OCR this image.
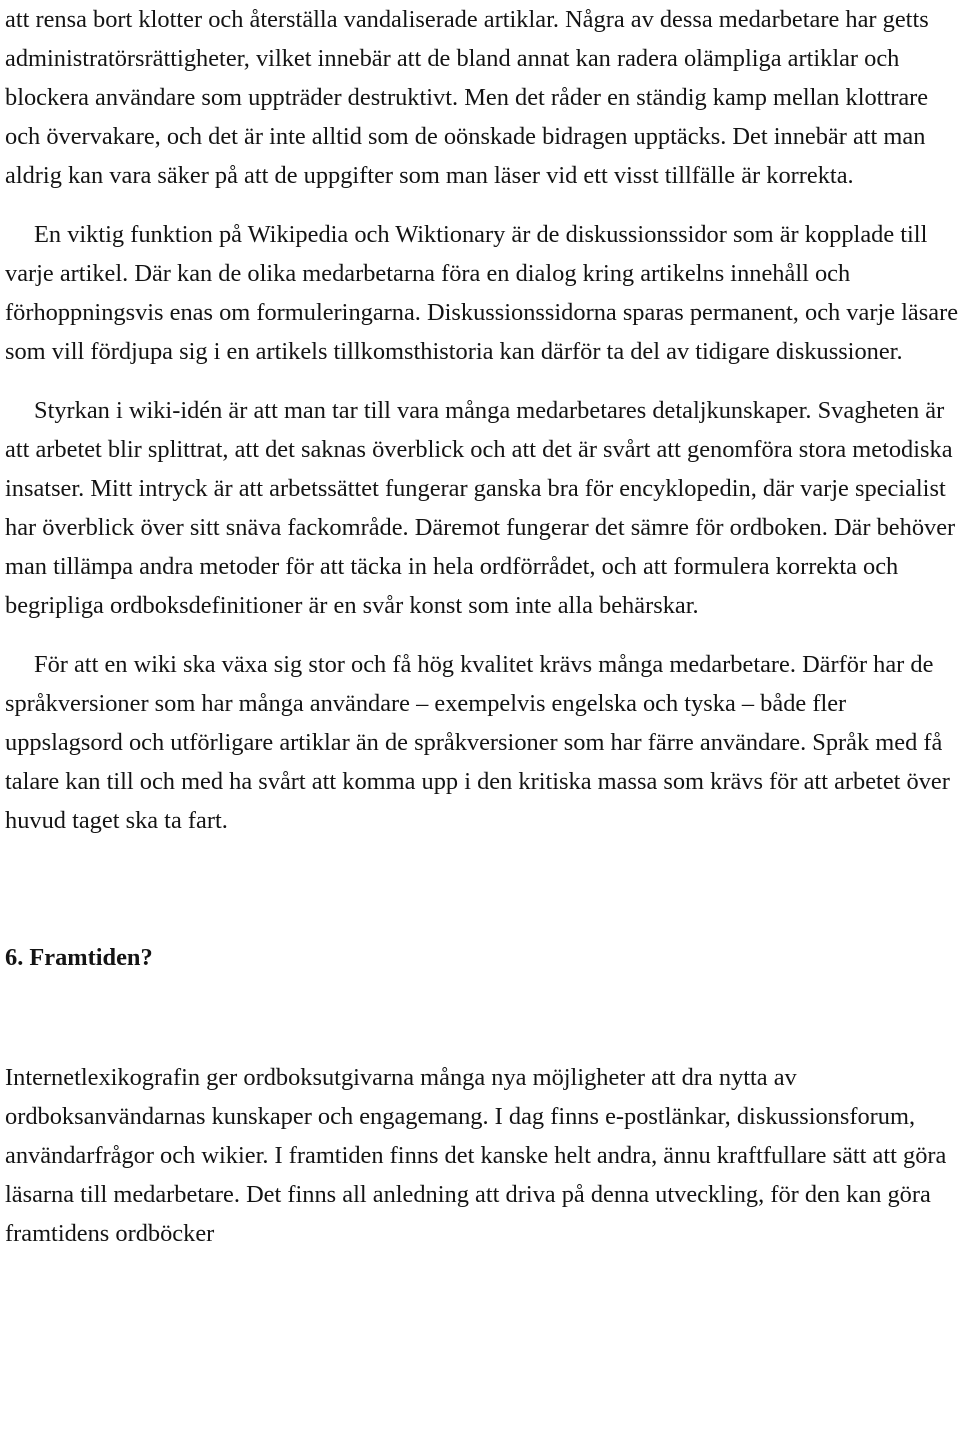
att rensa bort klotter och återställa vandaliserade artiklar. Några av dessa medarbetare har getts administratörsrättigheter, vilket innebär att de bland annat kan radera olämpliga artiklar och blockera användare som uppträder destruktivt. Men det råder en ständig kamp mellan klottrare och övervakare, och det är inte alltid som de oönskade bidragen upptäcks. Det innebär att man aldrig kan vara säker på att de uppgifter som man läser vid ett visst tillfälle är korrekta.

En viktig funktion på Wikipedia och Wiktionary är de diskussionssidor som är kopplade till varje artikel. Där kan de olika medarbetarna föra en dialog kring artikelns innehåll och förhoppningsvis enas om formuleringarna. Diskussionssidorna sparas permanent, och varje läsare som vill fördjupa sig i en artikels tillkomsthistoria kan därför ta del av tidigare diskussioner.

Styrkan i wiki-idén är att man tar till vara många medarbetares detaljkunskaper. Svagheten är att arbetet blir splittrat, att det saknas överblick och att det är svårt att genomföra stora metodiska insatser. Mitt intryck är att arbetssättet fungerar ganska bra för encyklopedin, där varje specialist har överblick över sitt snäva fackområde. Däremot fungerar det sämre för ordboken. Där behöver man tillämpa andra metoder för att täcka in hela ordförrådet, och att formulera korrekta och begripliga ordboksdefinitioner är en svår konst som inte alla behärskar.

För att en wiki ska växa sig stor och få hög kvalitet krävs många medarbetare. Därför har de språkversioner som har många användare – exempelvis engelska och tyska – både fler uppslagsord och utförligare artiklar än de språkversioner som har färre användare. Språk med få talare kan till och med ha svårt att komma upp i den kritiska massa som krävs för att arbetet över huvud taget ska ta fart.

6. Framtiden?

Internetlexikografin ger ordboksutgivarna många nya möjligheter att dra nytta av ordboksanvändarnas kunskaper och engagemang. I dag finns e-postlänkar, diskussionsforum, användarfrågor och wikier. I framtiden finns det kanske helt andra, ännu kraftfullare sätt att göra läsarna till medarbetare. Det finns all anledning att driva på denna utveckling, för den kan göra framtidens ordböcker
